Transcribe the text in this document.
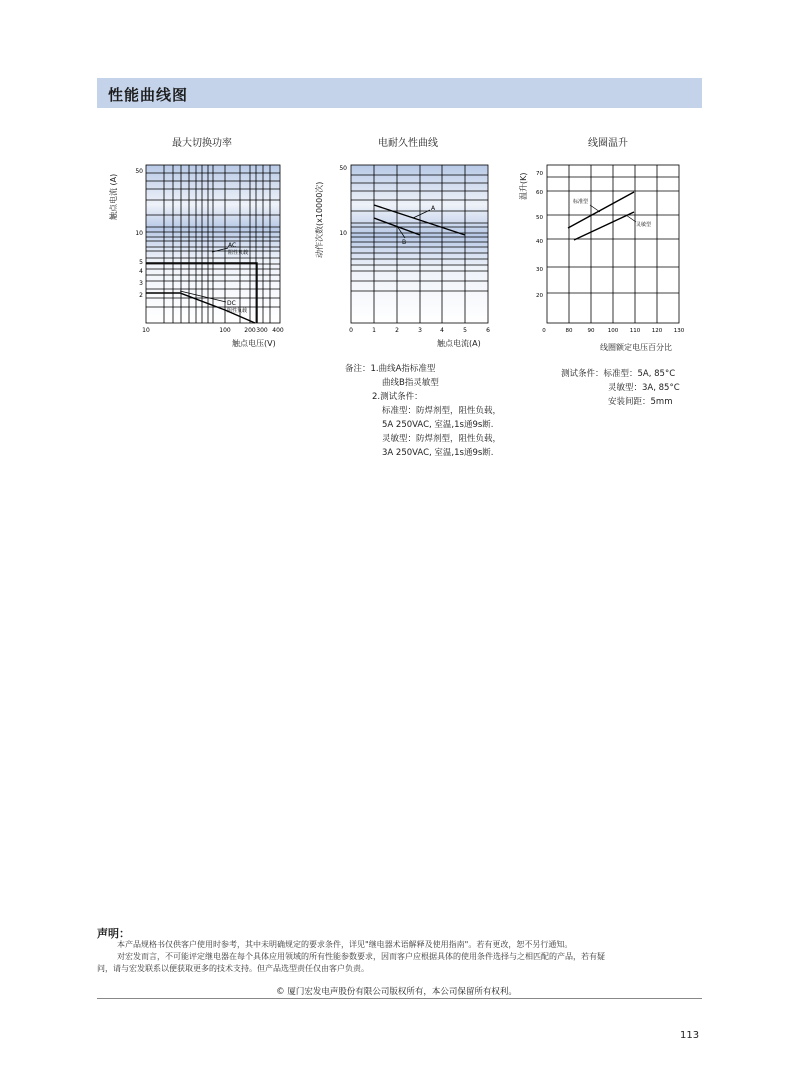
性能曲线图
最大切换功率
触点电流 (A)
AC
阻性负载
DC
阻性负载
50
10
5
4
3
2
10	100 200 300 400
触点电压(V)
电耐久性曲线
动作次数(x10000次)	A
B
50
10
0	1	2	3	4	5	6
触点电流(A)
线圈温升
温升(K)
标准型
灵敏型
70
60
50
40
30
20
0	80	90 100 110 120 130
线圈额定电压百分比
备注：1.曲线A指标准型
曲线B指灵敏型
2.测试条件：
标准型：防焊剂型，阻性负载，
5A 250VAC, 室温,1s通9s断.
灵敏型：防焊剂型，阻性负载，
3A 250VAC, 室温,1s通9s断.
测试条件：标准型：5A, 85°C
灵敏型：3A, 85°C
安装间距：5mm
声明：
本产品规格书仅供客户使用时参考，其中未明确规定的要求条件，详见"继电器术语解释及使用指南"。若有更改，恕不另行通知。
对宏发而言，不可能评定继电器在每个具体应用领域的所有性能参数要求，因而客户应根据具体的使用条件选择与之相匹配的产品，若有疑
问，请与宏发联系以便获取更多的技术支持。但产品选型责任仅由客户负责。
© 厦门宏发电声股份有限公司版权所有，本公司保留所有权利。
113
